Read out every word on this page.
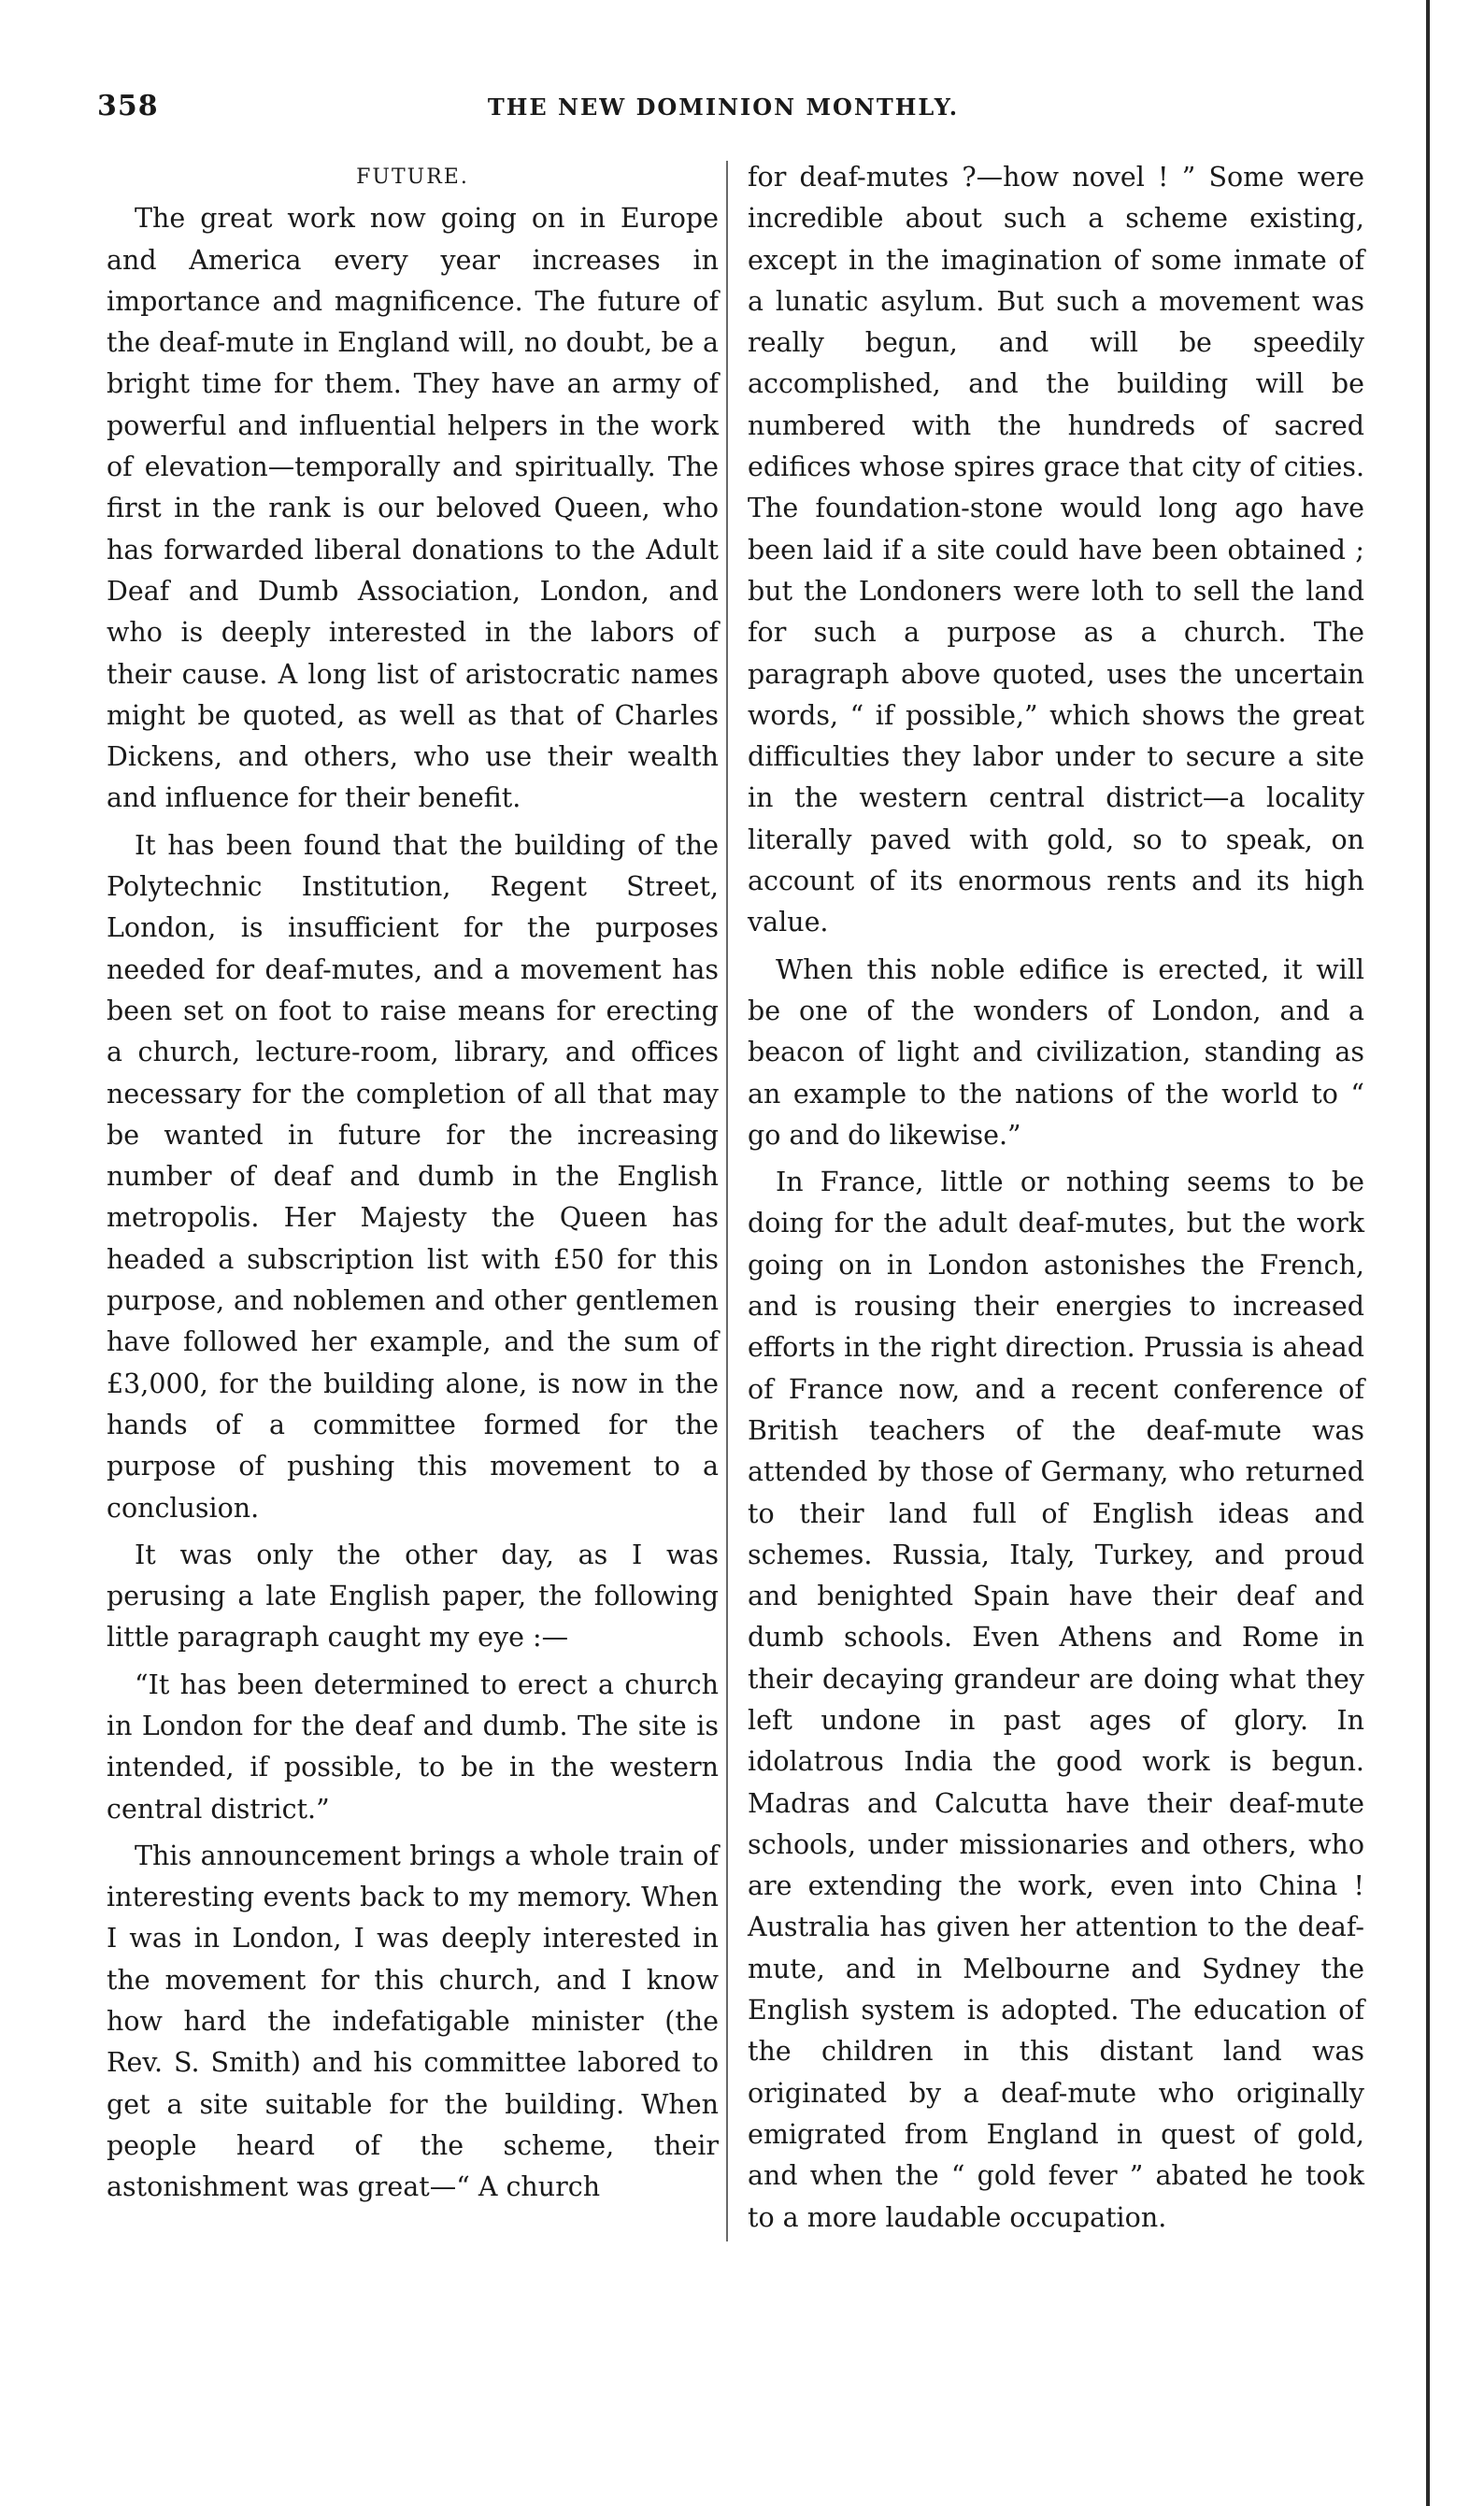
358	THE NEW DOMINION MONTHLY.
FUTURE.

The great work now going on in Europe and America every year increases in importance and magnificence. The future of the deaf-mute in England will, no doubt, be a bright time for them. They have an army of powerful and influential helpers in the work of elevation—temporally and spiritually. The first in the rank is our beloved Queen, who has forwarded liberal donations to the Adult Deaf and Dumb Association, London, and who is deeply interested in the labors of their cause. A long list of aristocratic names might be quoted, as well as that of Charles Dickens, and others, who use their wealth and influence for their benefit.

It has been found that the building of the Polytechnic Institution, Regent Street, London, is insufficient for the purposes needed for deaf-mutes, and a movement has been set on foot to raise means for erecting a church, lecture-room, library, and offices necessary for the completion of all that may be wanted in future for the increasing number of deaf and dumb in the English metropolis. Her Majesty the Queen has headed a subscription list with £50 for this purpose, and noblemen and other gentlemen have followed her example, and the sum of £3,000, for the building alone, is now in the hands of a committee formed for the purpose of pushing this movement to a conclusion.

It was only the other day, as I was perusing a late English paper, the following little paragraph caught my eye :—

“It has been determined to erect a church in London for the deaf and dumb. The site is intended, if possible, to be in the western central district.”

This announcement brings a whole train of interesting events back to my memory. When I was in London, I was deeply interested in the movement for this church, and I know how hard the indefatigable minister (the Rev. S. Smith) and his committee labored to get a site suitable for the building. When people heard of the scheme, their astonishment was great—“ A church

for deaf-mutes ?—how novel ! ” Some were incredible about such a scheme existing, except in the imagination of some inmate of a lunatic asylum. But such a movement was really begun, and will be speedily accomplished, and the building will be numbered with the hundreds of sacred edifices whose spires grace that city of cities. The foundation-stone would long ago have been laid if a site could have been obtained ; but the Londoners were loth to sell the land for such a purpose as a church. The paragraph above quoted, uses the uncertain words, “ if possible,” which shows the great difficulties they labor under to secure a site in the western central district—a locality literally paved with gold, so to speak, on account of its enormous rents and its high value.

When this noble edifice is erected, it will be one of the wonders of London, and a beacon of light and civilization, standing as an example to the nations of the world to “ go and do likewise.”

In France, little or nothing seems to be doing for the adult deaf-mutes, but the work going on in London astonishes the French, and is rousing their energies to increased efforts in the right direction. Prussia is ahead of France now, and a recent conference of British teachers of the deaf-mute was attended by those of Germany, who returned to their land full of English ideas and schemes. Russia, Italy, Turkey, and proud and benighted Spain have their deaf and dumb schools. Even Athens and Rome in their decaying grandeur are doing what they left undone in past ages of glory. In idolatrous India the good work is begun. Madras and Calcutta have their deaf-mute schools, under missionaries and others, who are extending the work, even into China ! Australia has given her attention to the deaf-mute, and in Melbourne and Sydney the English system is adopted. The education of the children in this distant land was originated by a deaf-mute who originally emigrated from England in quest of gold, and when the “ gold fever ” abated he took to a more laudable occupation.
